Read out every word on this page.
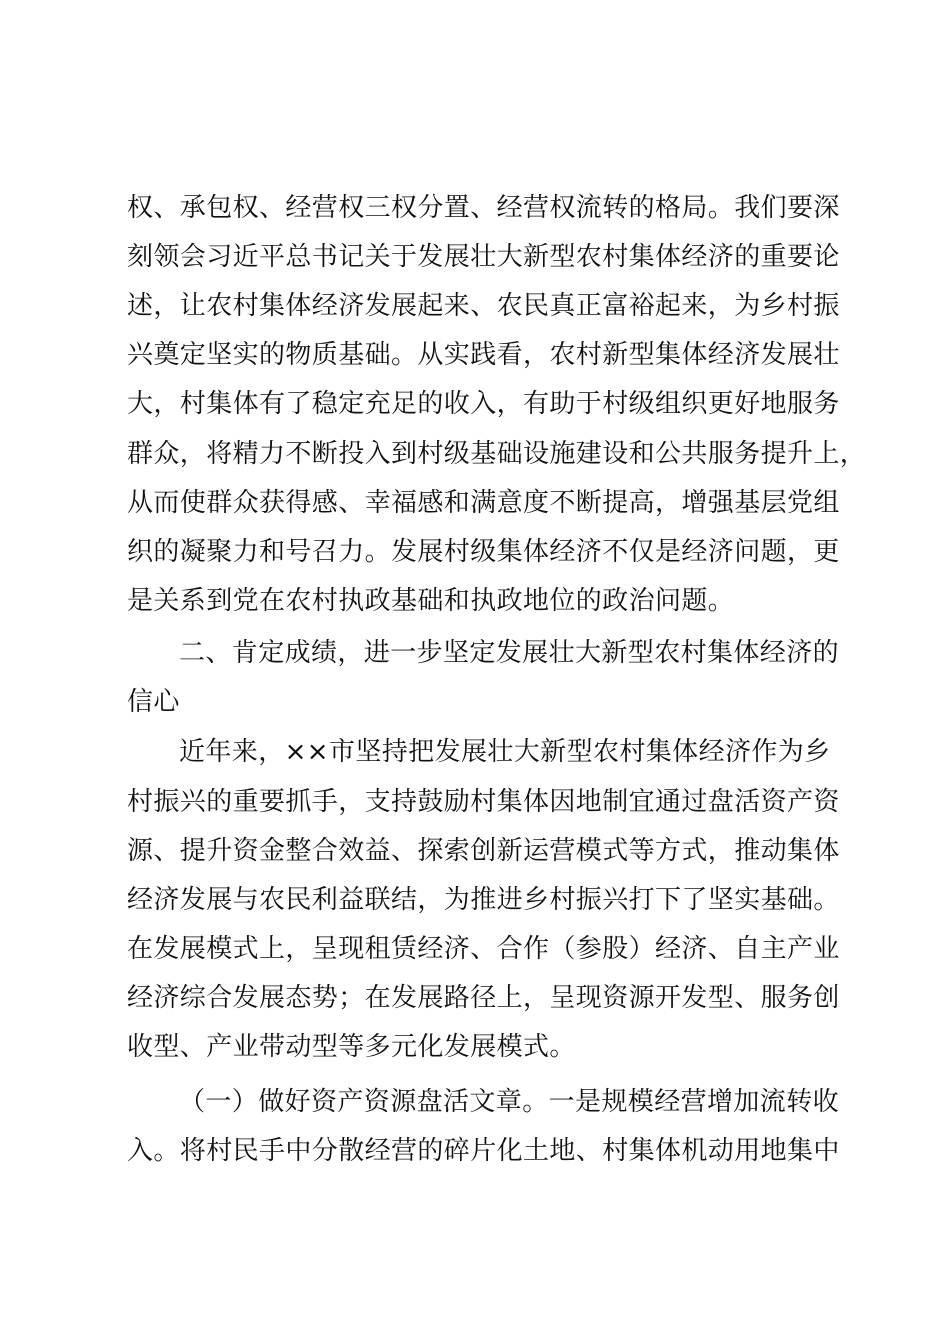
权、承包权、经营权三权分置、经营权流转的格局。我们要深
刻领会习近平总书记关于发展壮大新型农村集体经济的重要论
述，让农村集体经济发展起来、农民真正富裕起来，为乡村振
兴奠定坚实的物质基础。从实践看，农村新型集体经济发展壮
大，村集体有了稳定充足的收入，有助于村级组织更好地服务
群众，将精力不断投入到村级基础设施建设和公共服务提升上，
从而使群众获得感、幸福感和满意度不断提高，增强基层党组
织的凝聚力和号召力。发展村级集体经济不仅是经济问题，更
是关系到党在农村执政基础和执政地位的政治问题。
二、肯定成绩，进一步坚定发展壮大新型农村集体经济的
信心
近年来，××市坚持把发展壮大新型农村集体经济作为乡
村振兴的重要抓手，支持鼓励村集体因地制宜通过盘活资产资
源、提升资金整合效益、探索创新运营模式等方式，推动集体
经济发展与农民利益联结，为推进乡村振兴打下了坚实基础。
在发展模式上，呈现租赁经济、合作（参股）经济、自主产业
经济综合发展态势；在发展路径上，呈现资源开发型、服务创
收型、产业带动型等多元化发展模式。
（一）做好资产资源盘活文章。一是规模经营增加流转收
入。将村民手中分散经营的碎片化土地、村集体机动用地集中
